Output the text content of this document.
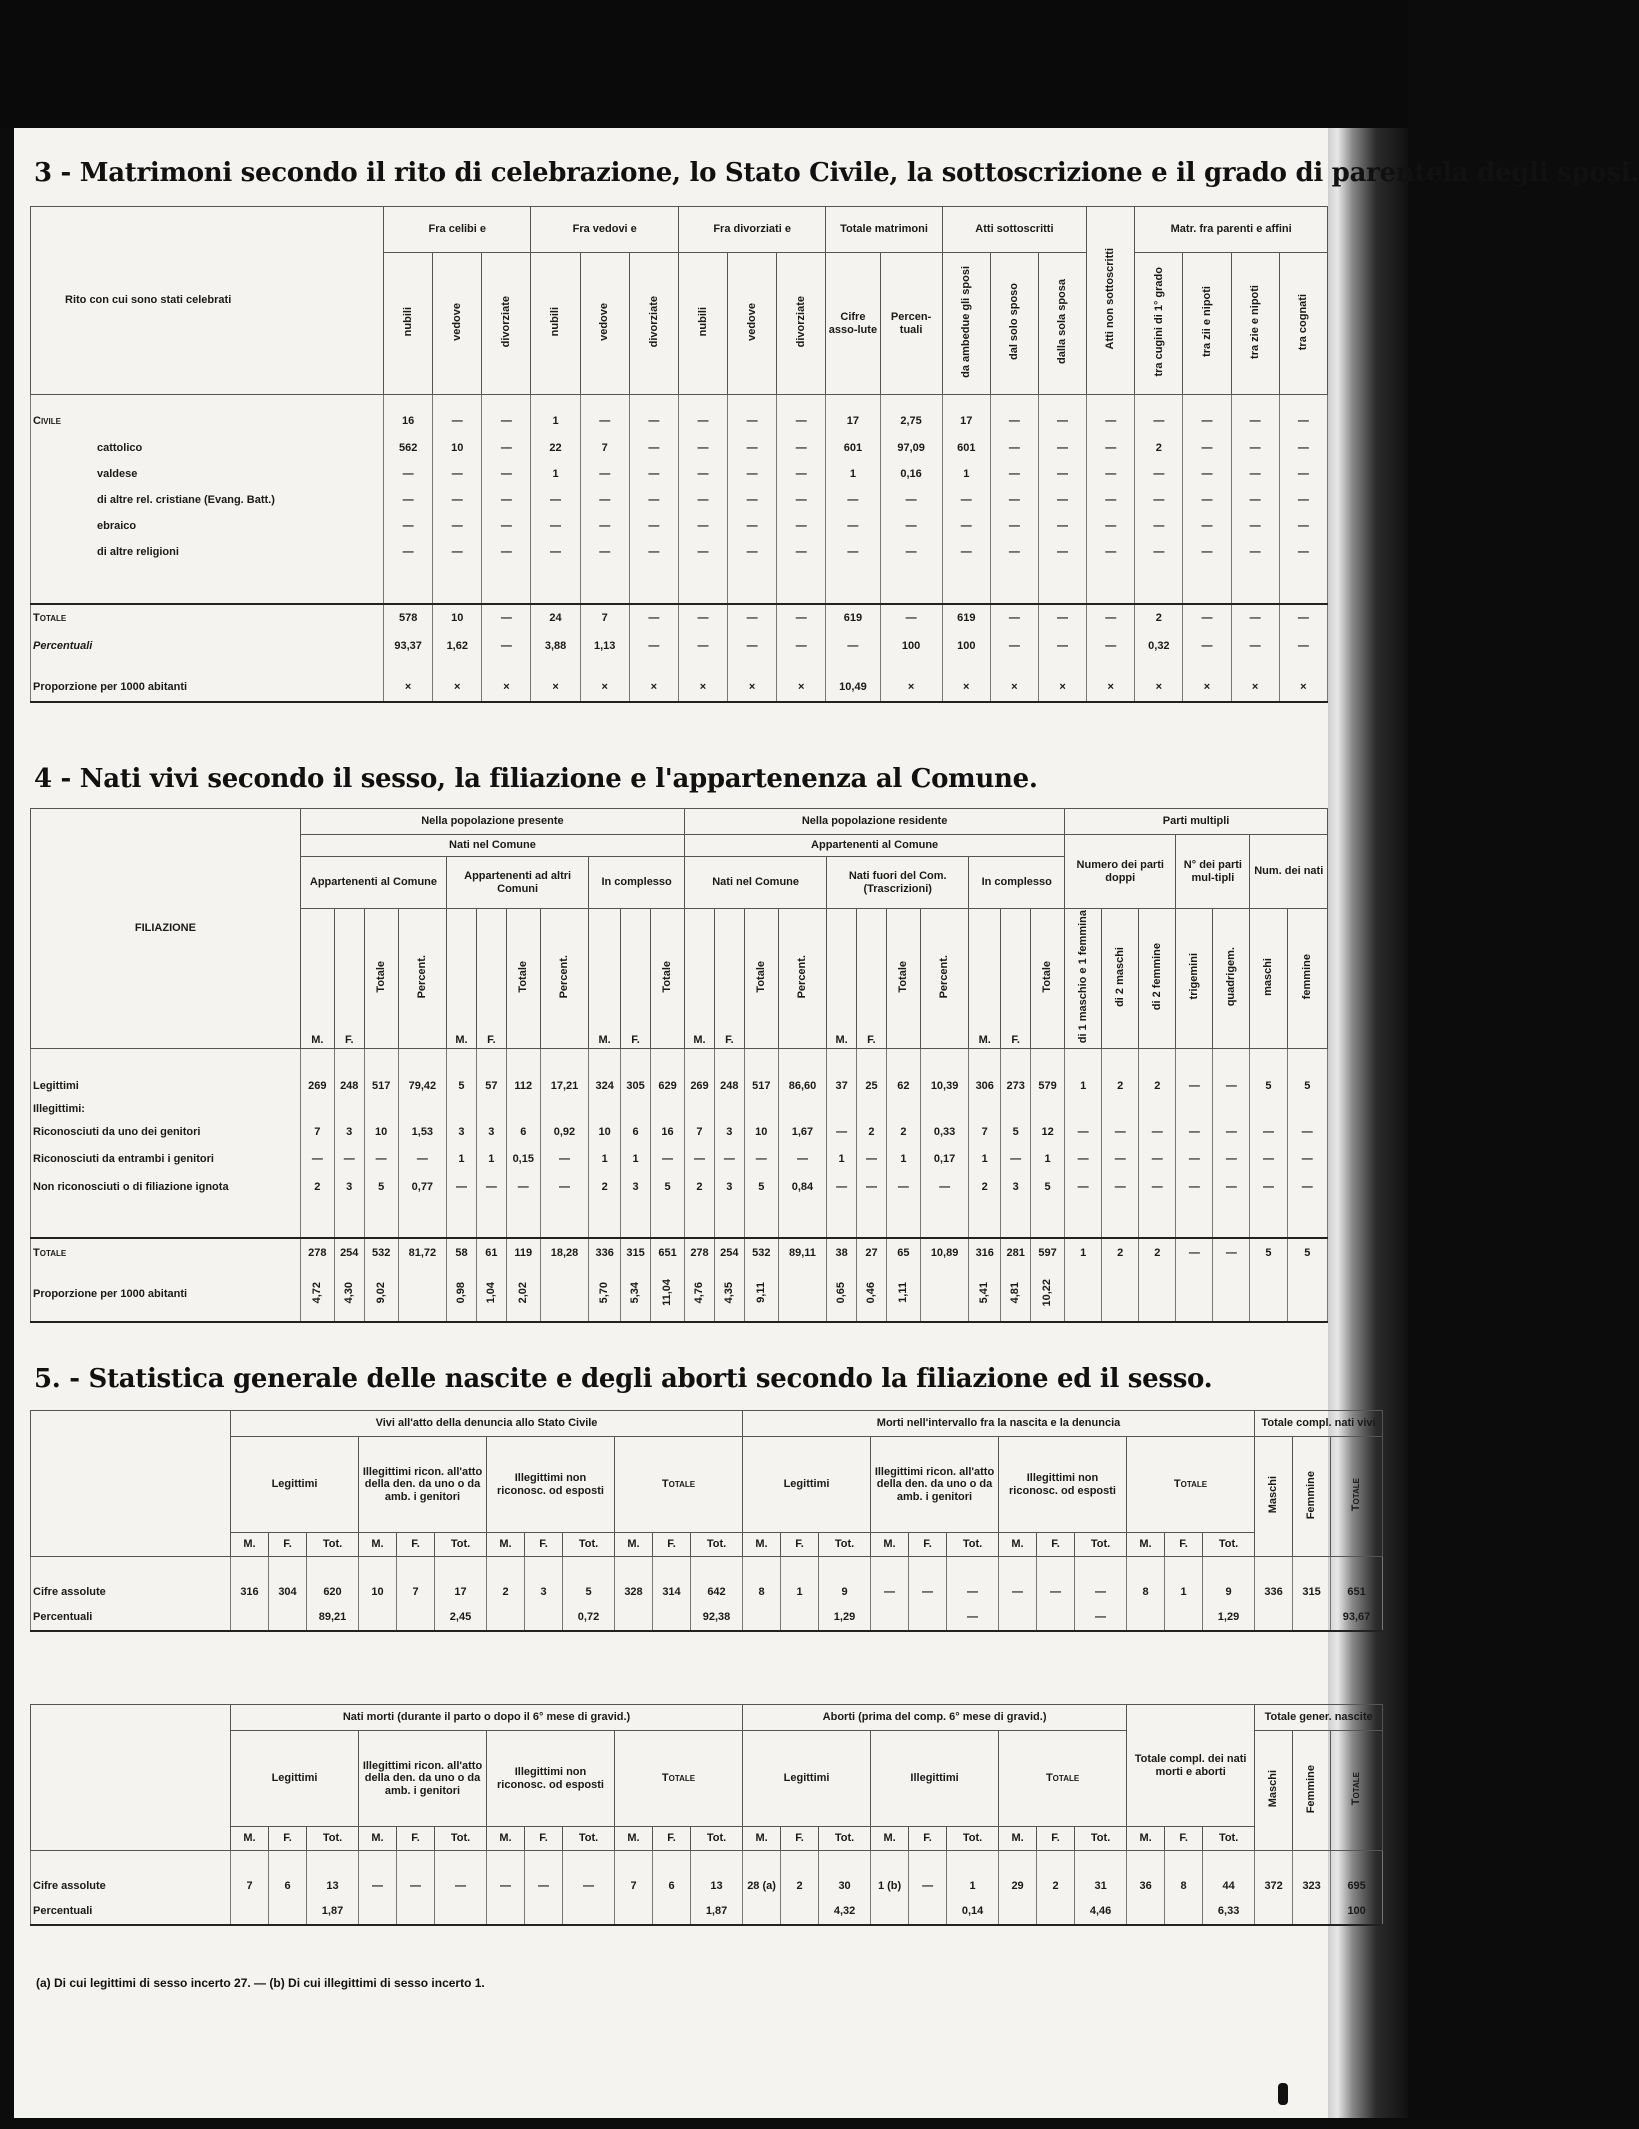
3 - Matrimoni secondo il rito di celebrazione, lo Stato Civile, la sottoscrizione e il grado di parentela degli sposi.
Rito con cui sono stati celebrati	Fra celibi e			Fra vedovi e			Fra divorziati e			Totale matrimoni		Atti sottoscritti			Atti non sottoscritti	Matr. fra parenti e affini			
	nubili	vedove	divorziate	nubili	vedove	divorziate	nubili	vedove	divorziate	Cifre asso-lute	Percen-tuali	da ambedue gli sposi	dal solo sposo	dalla sola sposa		tra cugini di 1° grado	tra zii e nipoti	tra zie e nipoti	tra cognati

Civile	16	—	—	1	—	—	—	—	—	17	2,75	17	—	—	—	—	—	—	—
cattolico	562	10	—	22	7	—	—	—	—	601	97,09	601	—	—	—	2	—	—	—
valdese	—	—	—	1	—	—	—	—	—	1	0,16	1	—	—	—	—	—	—	—
di altre rel. cristiane (Evang. Batt.)	—	—	—	—	—	—	—	—	—	—	—	—	—	—	—	—	—	—	—
ebraico	—	—	—	—	—	—	—	—	—	—	—	—	—	—	—	—	—	—	—
di altre religioni	—	—	—	—	—	—	—	—	—	—	—	—	—	—	—	—	—	—	—

Totale	578	10	—	24	7	—	—	—	—	619	—	619	—	—	—	2	—	—	—
Percentuali	93,37	1,62	—	3,88	1,13	—	—	—	—	—	100	100	—	—	—	0,32	—	—	—

Proporzione per 1000 abitanti	×	×	×	×	×	×	×	×	×	10,49	×	×	×	×	×	×	×	×	×
4 - Nati vivi secondo il sesso, la filiazione e l'appartenenza al Comune.
FILIAZIONE	Nella popolazione presente											Nella popolazione residente											Parti multipli						
	Nati nel Comune											Appartenenti al Comune											Numero dei parti doppi			N° dei parti mul-tipli		Num. dei nati	
	Appartenenti al Comune				Appartenenti ad altri Comuni				In complesso			Nati nel Comune				Nati fuori del Com. (Trascrizioni)				In complesso									
	M.	F.	Totale	Percent.	M.	F.	Totale	Percent.	M.	F.	Totale	M.	F.	Totale	Percent.	M.	F.	Totale	Percent.	M.	F.	Totale	di 1 maschio e 1 femmina	di 2 maschi	di 2 femmine	trigemini	quadrigem.	maschi	femmine

Legittimi	269	248	517	79,42	5	57	112	17,21	324	305	629	269	248	517	86,60	37	25	62	10,39	306	273	579	1	2	2	—	—	5	5
Illegittimi:																													
Riconosciuti da uno dei genitori	7	3	10	1,53	3	3	6	0,92	10	6	16	7	3	10	1,67	—	2	2	0,33	7	5	12	—	—	—	—	—	—	—
Riconosciuti da entrambi i genitori	—	—	—	—	1	1	0,15	—	1	1	—	—	—	—	—	1	—	1	0,17	1	—	1	—	—	—	—	—	—	—
Non riconosciuti o di filiazione ignota	2	3	5	0,77	—	—	—	—	2	3	5	2	3	5	0,84	—	—	—	—	2	3	5	—	—	—	—	—	—	—

Totale	278	254	532	81,72	58	61	119	18,28	336	315	651	278	254	532	89,11	38	27	65	10,89	316	281	597	1	2	2	—	—	5	5
Proporzione per 1000 abitanti	4,72	4,30	9,02		0,98	1,04	2,02		5,70	5,34	11,04	4,76	4,35	9,11		0,65	0,46	1,11		5,41	4,81	10,22							
5. - Statistica generale delle nascite e degli aborti secondo la filiazione ed il sesso.
	Vivi all'atto della denuncia allo Stato Civile												Morti nell'intervallo fra la nascita e la denuncia												Totale compl. nati vivi		
	Legittimi			Illegittimi ricon. all'atto della den. da uno o da amb. i genitori			Illegittimi non riconosc. od esposti			Totale			Legittimi			Illegittimi ricon. all'atto della den. da uno o da amb. i genitori			Illegittimi non riconosc. od esposti			Totale			Maschi	Femmine	Totale
	M.	F.	Tot.	M.	F.	Tot.	M.	F.	Tot.	M.	F.	Tot.	M.	F.	Tot.	M.	F.	Tot.	M.	F.	Tot.	M.	F.	Tot.			

Cifre assolute	316	304	620	10	7	17	2	3	5	328	314	642	8	1	9	—	—	—	—	—	—	8	1	9	336	315	651
Percentuali			89,21			2,45			0,72			92,38			1,29			—			—			1,29			93,67
	Nati morti (durante il parto o dopo il 6° mese di gravid.)												Aborti (prima del comp. 6° mese di gravid.)									Totale compl. dei nati morti e aborti			Totale gener. nascite		
	Legittimi			Illegittimi ricon. all'atto della den. da uno o da amb. i genitori			Illegittimi non riconosc. od esposti			Totale			Legittimi			Illegittimi			Totale						Maschi	Femmine	Totale
	M.	F.	Tot.	M.	F.	Tot.	M.	F.	Tot.	M.	F.	Tot.	M.	F.	Tot.	M.	F.	Tot.	M.	F.	Tot.	M.	F.	Tot.			

Cifre assolute	7	6	13	—	—	—	—	—	—	7	6	13	28 (a)	2	30	1 (b)	—	1	29	2	31	36	8	44	372	323	695
Percentuali			1,87									1,87			4,32			0,14			4,46			6,33			100
(a) Di cui legittimi di sesso incerto 27. — (b) Di cui illegittimi di sesso incerto 1.
